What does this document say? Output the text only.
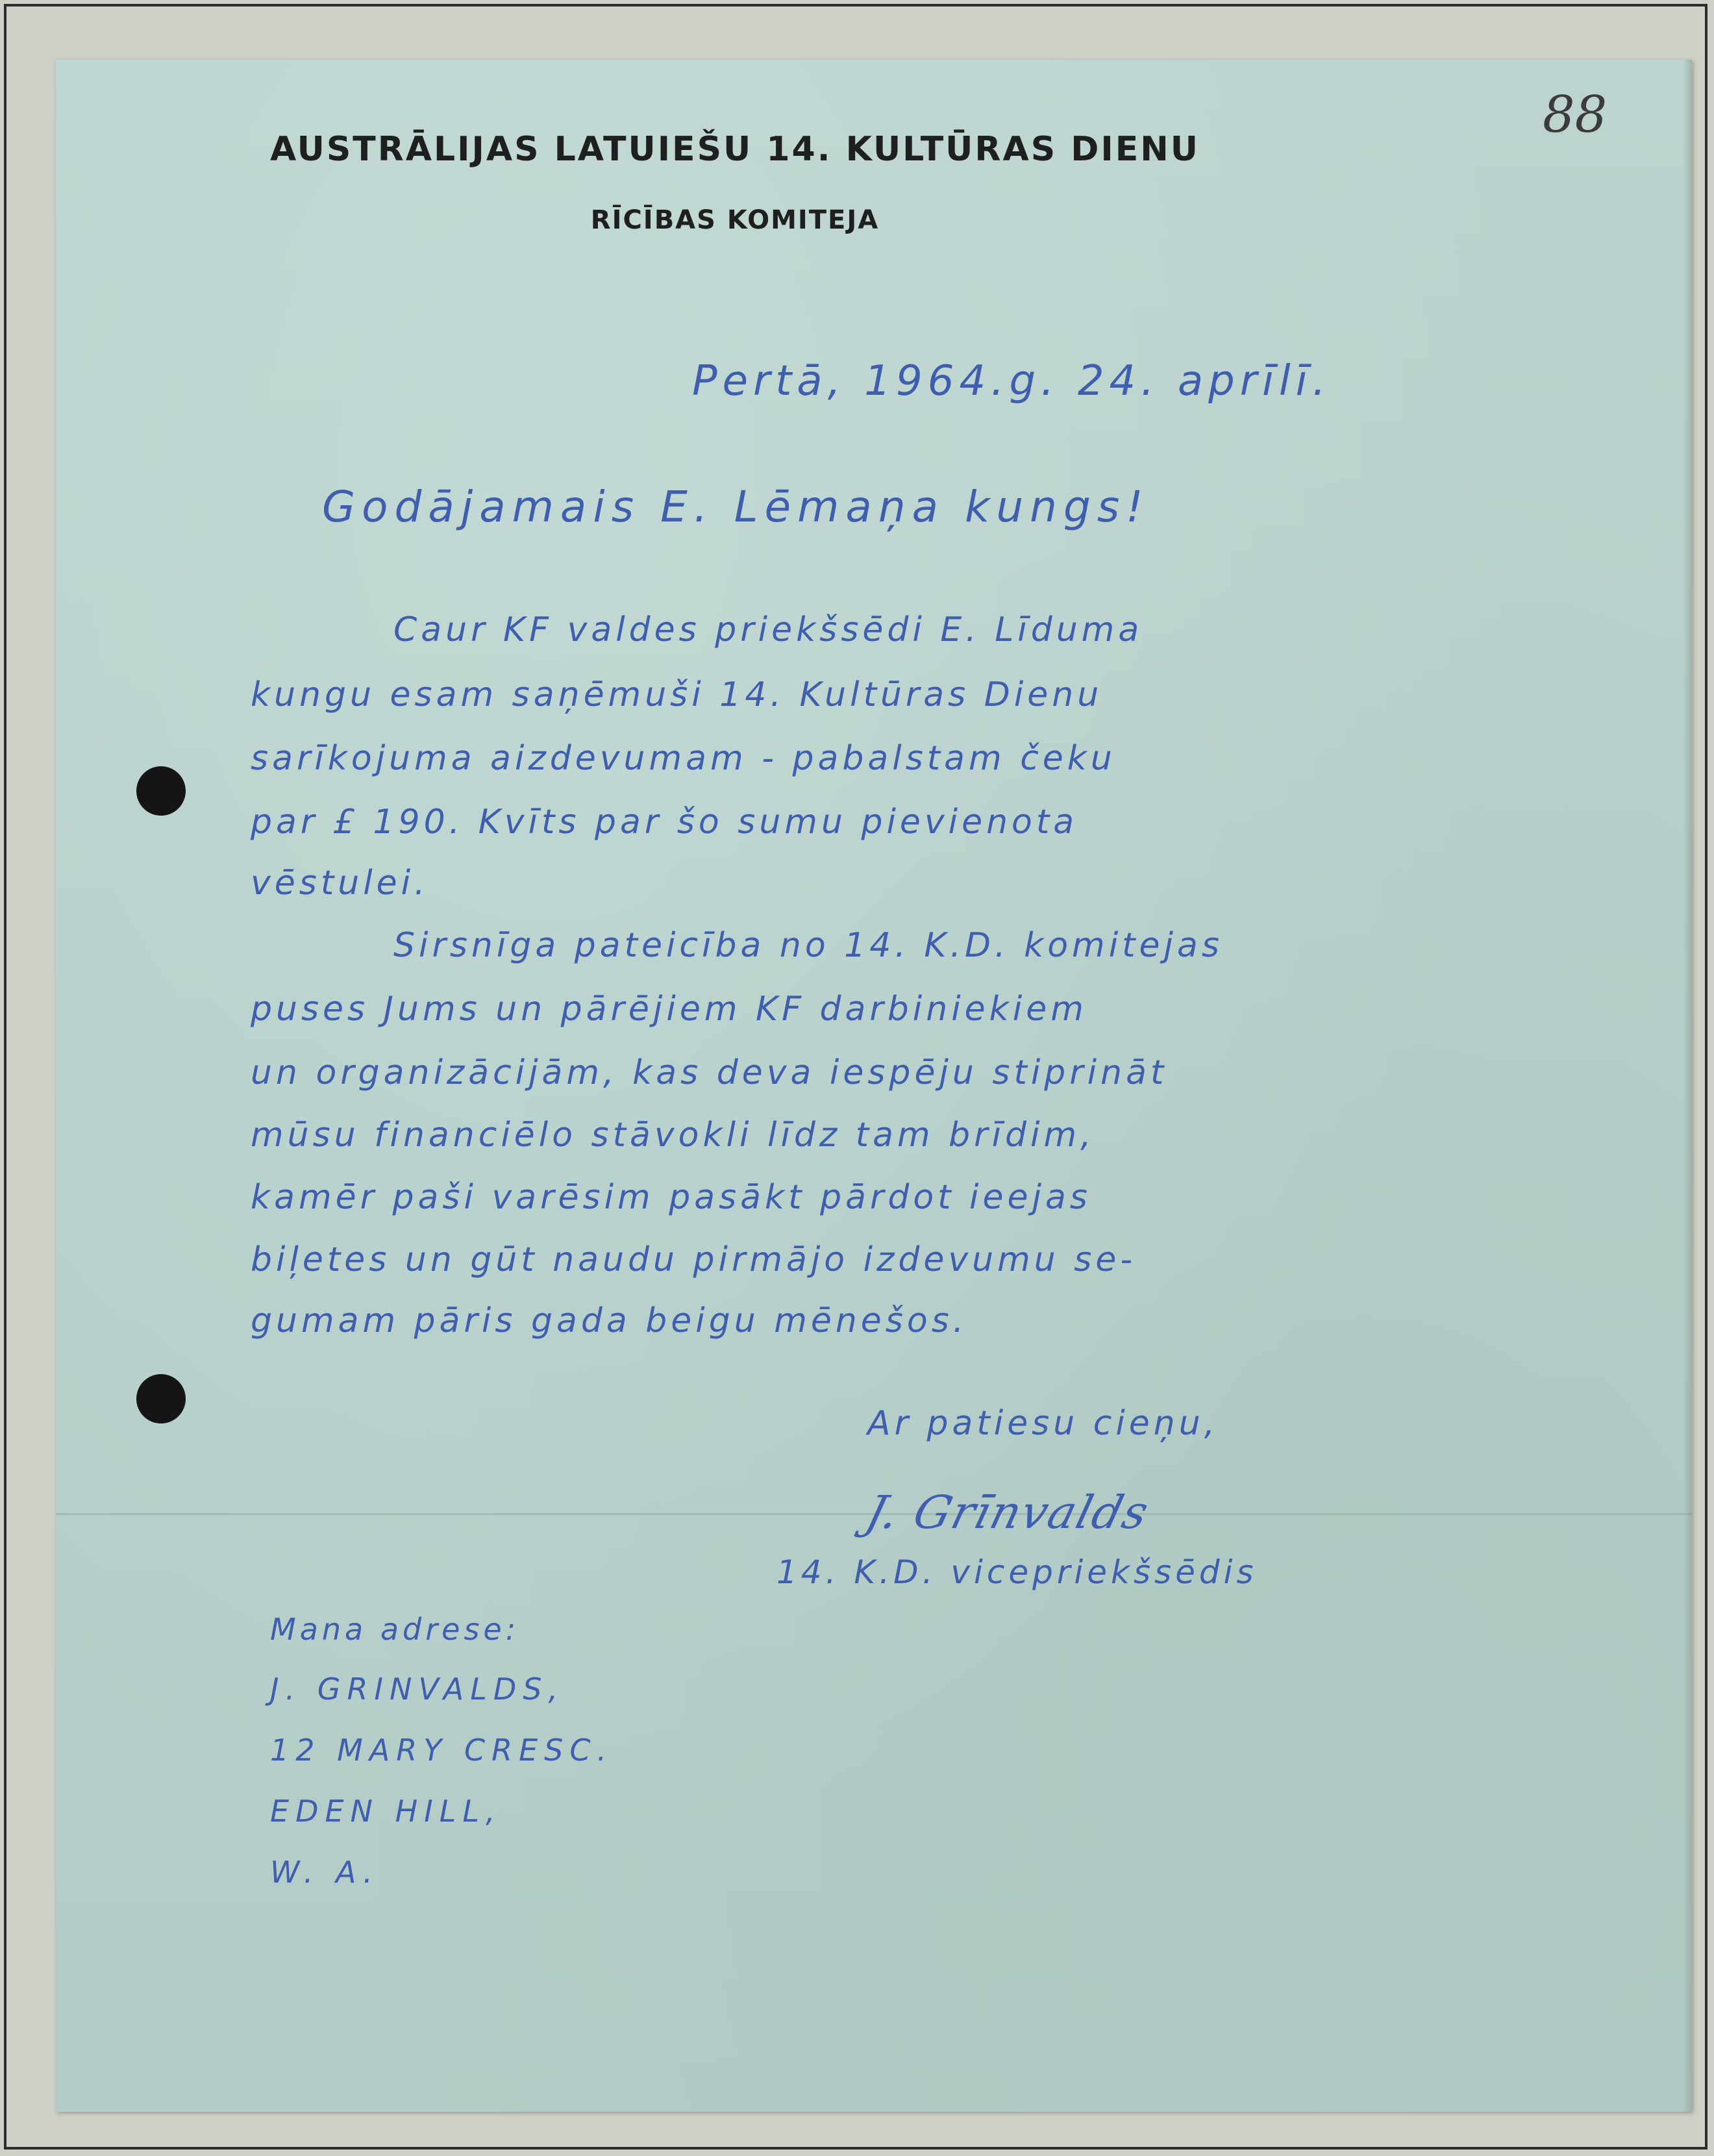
AUSTRĀLIJAS LATUIEŠU 14. KULTŪRAS DIENU
RĪCĪBAS KOMITEJA
88
Pertā, 1964.g. 24. aprīlī.
Godājamais E. Lēmaņa kungs!
Caur KF valdes priekšsēdi E. Līduma
kungu esam saņēmuši 14. Kultūras Dienu
sarīkojuma aizdevumam - pabalstam čeku
par £ 190. Kvīts par šo sumu pievienota
vēstulei.
Sirsnīga pateicība no 14. K.D. komitejas
puses Jums un pārējiem KF darbiniekiem
un organizācijām, kas deva iespēju stiprināt
mūsu financiēlo stāvokli līdz tam brīdim,
kamēr paši varēsim pasākt pārdot ieejas
biļetes un gūt naudu pirmājo izdevumu se-
gumam pāris gada beigu mēnešos.
Ar patiesu cieņu,
J. Grīnvalds
14. K.D. vicepriekšsēdis
Mana adrese:
J. GRINVALDS,
12 MARY CRESC.
EDEN HILL,
W. A.
